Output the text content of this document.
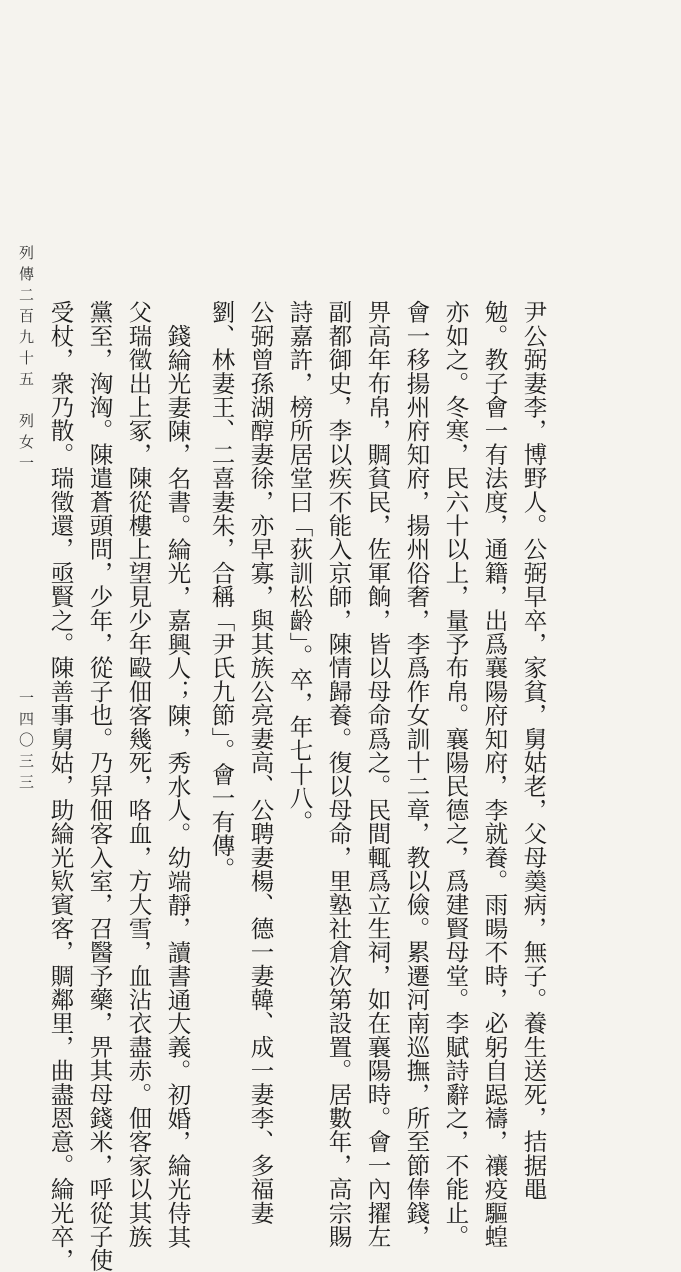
尹公弼妻李，博野人。公弼早卒，家貧，舅姑老，父母羮病，無子。養生送死，拮据黽
勉。教子會一有法度，通籍，出爲襄陽府知府，李就養。雨暘不時，必躬自跽禱，禳疫驅蝗
亦如之。冬寒，民六十以上，量予布帛。襄陽民德之，爲建賢母堂。李賦詩辭之，不能止。
會一移揚州府知府，揚州俗奢，李爲作女訓十二章，教以儉。累遷河南巡撫，所至節俸錢，
畀高年布帛，賙貧民，佐軍餉，皆以母命爲之。民間輒爲立生祠，如在襄陽時。會一內擢左
副都御史，李以疾不能入京師，陳情歸養。復以母命，里塾社倉次第設置。居數年，高宗賜
詩嘉許，榜所居堂曰「荻訓松齡」。卒，年七十八。
公弼曾孫湖醇妻徐，亦早寡，與其族公亮妻高、公聘妻楊、德一妻韓、成一妻李、多福妻
劉、林妻王、二喜妻朱，合稱「尹氏九節」。會一有傳。
錢綸光妻陳，名書。綸光，嘉興人；陳，秀水人。幼端靜，讀書通大義。初婚，綸光侍其
父瑞徵出上冢，陳從樓上望見少年毆佃客幾死，咯血，方大雪，血沾衣盡赤。佃客家以其族
黨至，洶洶。陳遣蒼頭問，少年，從子也。乃舁佃客入室，召醫予藥，畀其母錢米，呼從子使
受杖，衆乃散。瑞徵還，亟賢之。陳善事舅姑，助綸光欵賓客，賙鄰里，曲盡恩意。綸光卒，
列傳二百九十五　列女一
一四〇三三
